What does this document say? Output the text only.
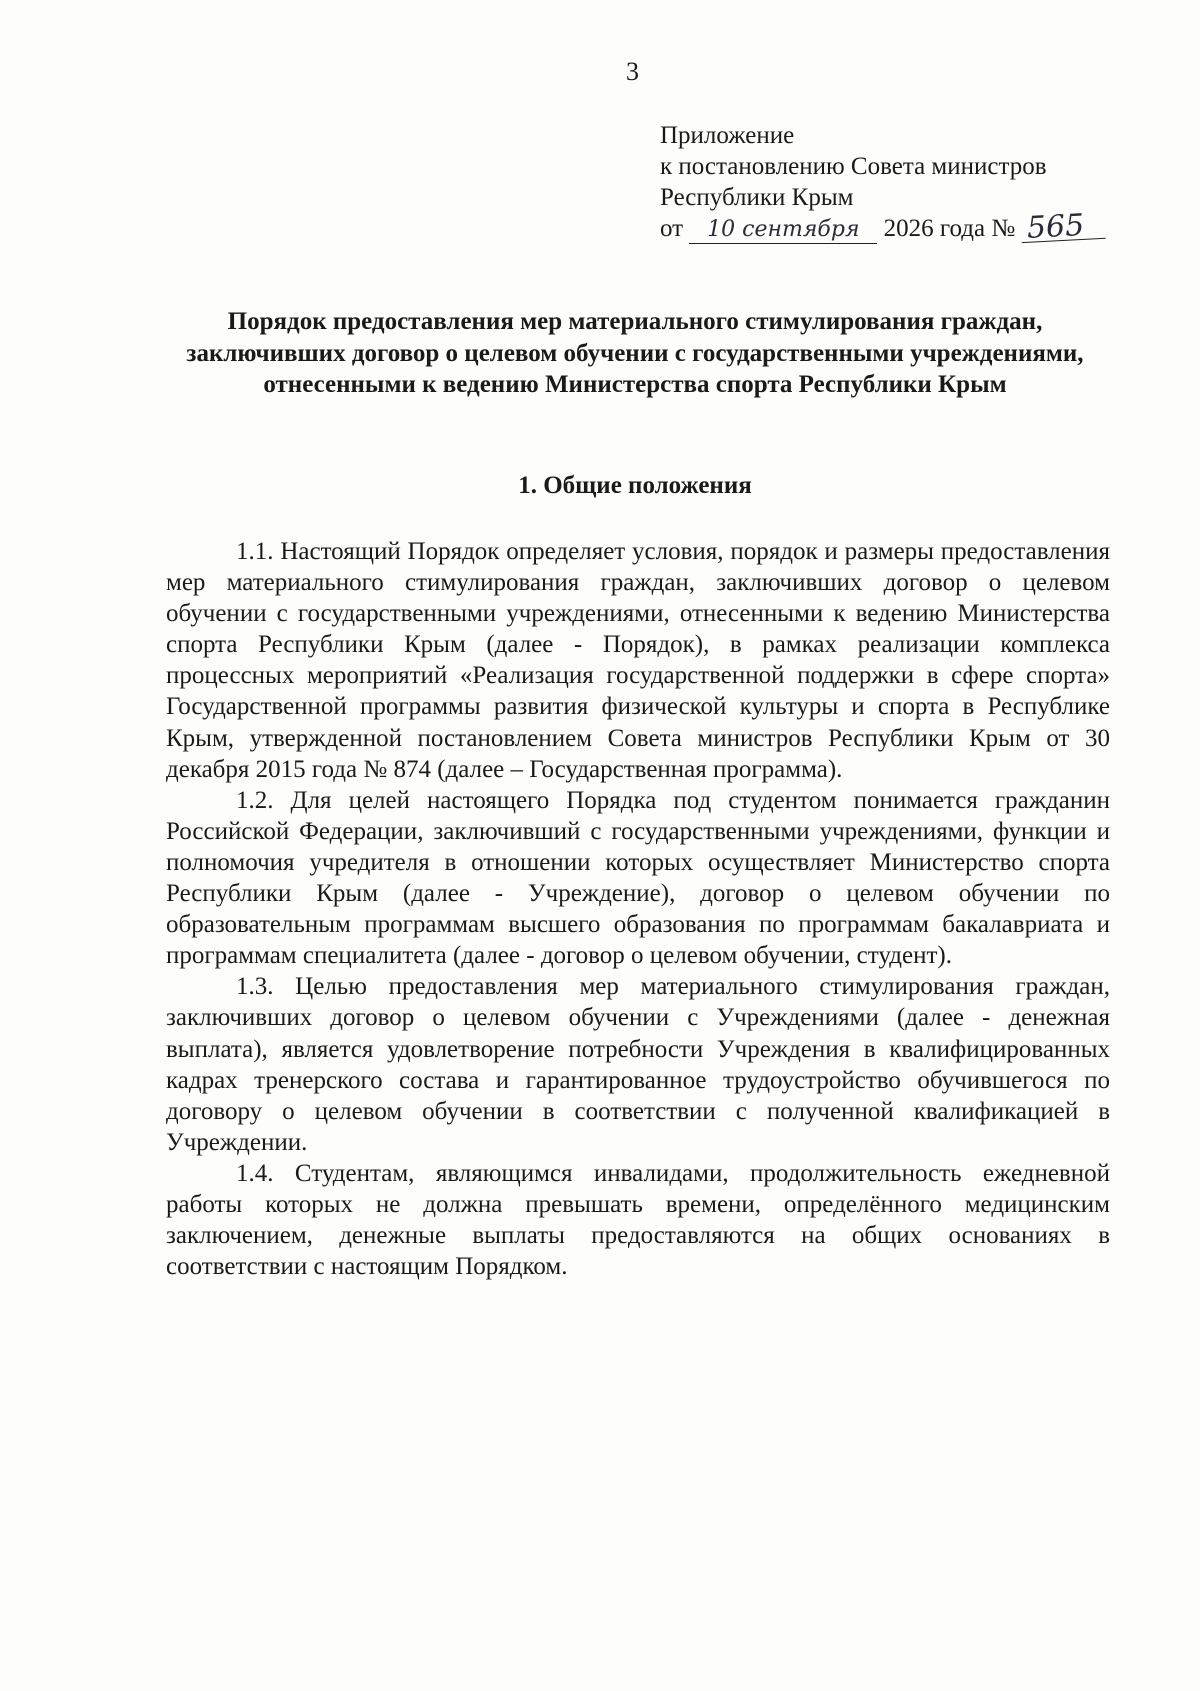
3
Приложение
к постановлению Совета министров
Республики Крым
от 10 сентября 2026 года № 565
Порядок предоставления мер материального стимулирования граждан, заключивших договор о целевом обучении с государственными учреждениями, отнесенными к ведению Министерства спорта Республики Крым
1. Общие положения

1.1. Настоящий Порядок определяет условия, порядок и размеры предоставления мер материального стимулирования граждан, заключивших договор о целевом обучении с государственными учреждениями, отнесенными к ведению Министерства спорта Республики Крым (далее - Порядок), в рамках реализации комплекса процессных мероприятий «Реализация государственной поддержки в сфере спорта» Государственной программы развития физической культуры и спорта в Республике Крым, утвержденной постановлением Совета министров Республики Крым от 30 декабря 2015 года № 874 (далее – Государственная программа).

1.2. Для целей настоящего Порядка под студентом понимается гражданин Российской Федерации, заключивший с государственными учреждениями, функции и полномочия учредителя в отношении которых осуществляет Министерство спорта Республики Крым (далее - Учреждение), договор о целевом обучении по образовательным программам высшего образования по программам бакалавриата и программам специалитета (далее - договор о целевом обучении, студент).

1.3. Целью предоставления мер материального стимулирования граждан, заключивших договор о целевом обучении с Учреждениями (далее - денежная выплата), является удовлетворение потребности Учреждения в квалифицированных кадрах тренерского состава и гарантированное трудоустройство обучившегося по договору о целевом обучении в соответствии с полученной квалификацией в Учреждении.

1.4. Студентам, являющимся инвалидами, продолжительность ежедневной работы которых не должна превышать времени, определённого медицинским заключением, денежные выплаты предоставляются на общих основаниях в соответствии с настоящим Порядком.
